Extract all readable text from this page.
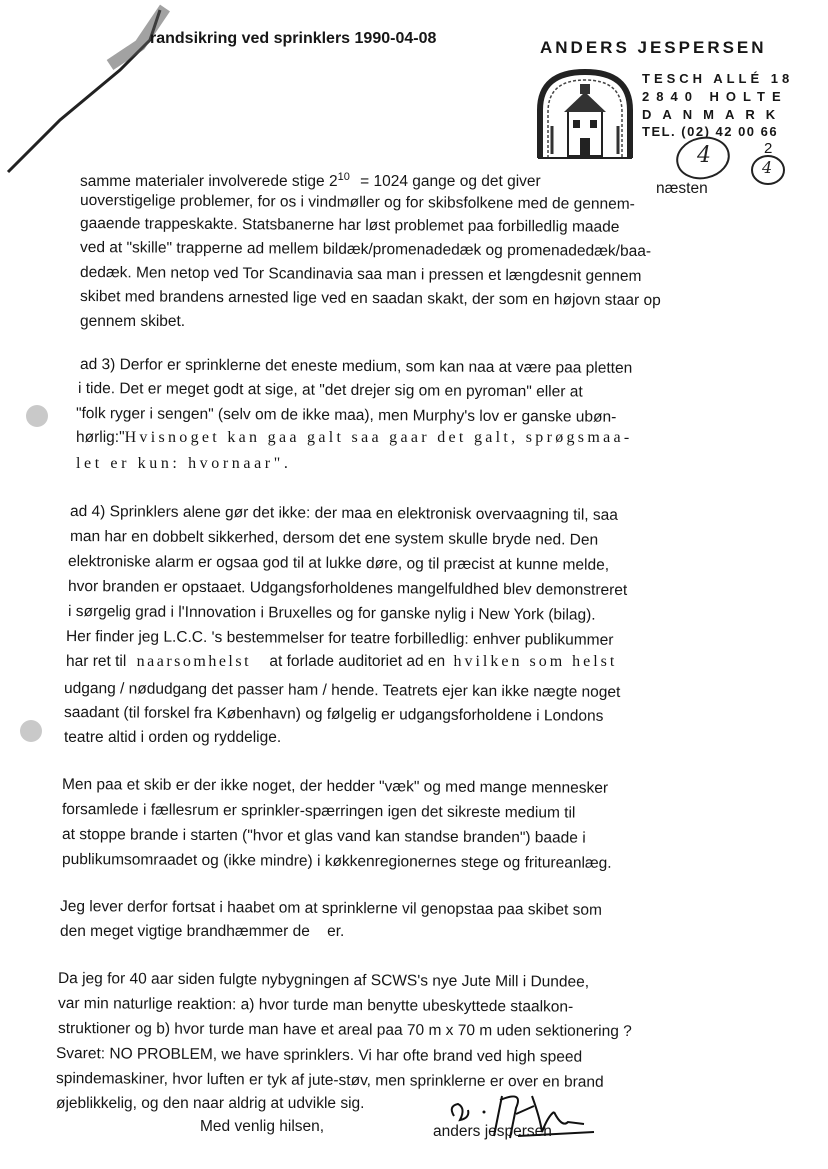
randsikring ved sprinklers 1990-04-08	ANDERS JESPERSEN
TESCH ALLÉ 18
2840 HOLTE
DANMARK
TEL. (02) 42 00 66
4	2
4
samme materialer involverede stige $2^{10} = 1024$ gange og det giver	næsten
uoverstigelige problemer, for os i vindmøller og for skibsfolkene med de gennem-
gaaende trappeskakte. Statsbanerne har løst problemet paa forbilledlig maade
ved at "skille" trapperne ad mellem bildæk/promenadedæk og promenadedæk/baa-
dedæk. Men netop ved Tor Scandinavia saa man i pressen et længdesnit gennem
skibet med brandens arnested lige ved en saadan skakt, der som en højovn staar op
gennem skibet.
ad 3) Derfor er sprinklerne det eneste medium, som kan naa at være paa pletten
i tide. Det er meget godt at sige, at "det drejer sig om en pyroman" eller at
"folk ryger i sengen" (selv om de ikke maa), men Murphy's lov er ganske ubøn-
hørlig:"Hvisnoget kan gaa galt saa gaar det galt, sprøgsmaa-
let er kun: hvornaar".
ad 4) Sprinklers alene gør det ikke: der maa en elektronisk overvaagning til, saa
man har en dobbelt sikkerhed, dersom det ene system skulle bryde ned. Den
elektroniske alarm er ogsaa god til at lukke døre, og til præcist at kunne melde,
hvor branden er opstaaet. Udgangsforholdenes mangelfuldhed blev demonstreret
i sørgelig grad i l'Innovation i Bruxelles og for ganske nylig i New York (bilag).
Her finder jeg L.C.C. 's bestemmelser for teatre forbilledlig: enhver publikummer
har ret til naarsomhelst at forlade auditoriet ad en hvilken som helst
udgang / nødudgang det passer ham / hende. Teatrets ejer kan ikke nægte noget
saadant (til forskel fra København) og følgelig er udgangsforholdene i Londons
teatre altid i orden og ryddelige.
Men paa et skib er der ikke noget, der hedder "væk" og med mange mennesker
forsamlede i fællesrum er sprinkler-spærringen igen det sikreste medium til
at stoppe brande i starten ("hvor et glas vand kan standse branden") baade i
publikumsomraadet og (ikke mindre) i køkkenregionernes stege og fritureanlæg.
Jeg lever derfor fortsat i haabet om at sprinklerne vil genopstaa paa skibet som
den meget vigtige brandhæmmer de    er.
Da jeg for 40 aar siden fulgte nybygningen af SCWS's nye Jute Mill i Dundee,
var min naturlige reaktion: a) hvor turde man benytte ubeskyttede staalkon-
struktioner og b) hvor turde man have et areal paa 70 m x 70 m uden sektionering ?
Svaret: NO PROBLEM, we have sprinklers. Vi har ofte brand ved high speed
spindemaskiner, hvor luften er tyk af jute-støv, men sprinklerne er over en brand
øjeblikkelig, og den naar aldrig at udvikle sig.
Med venlig hilsen,	anders jespersen
